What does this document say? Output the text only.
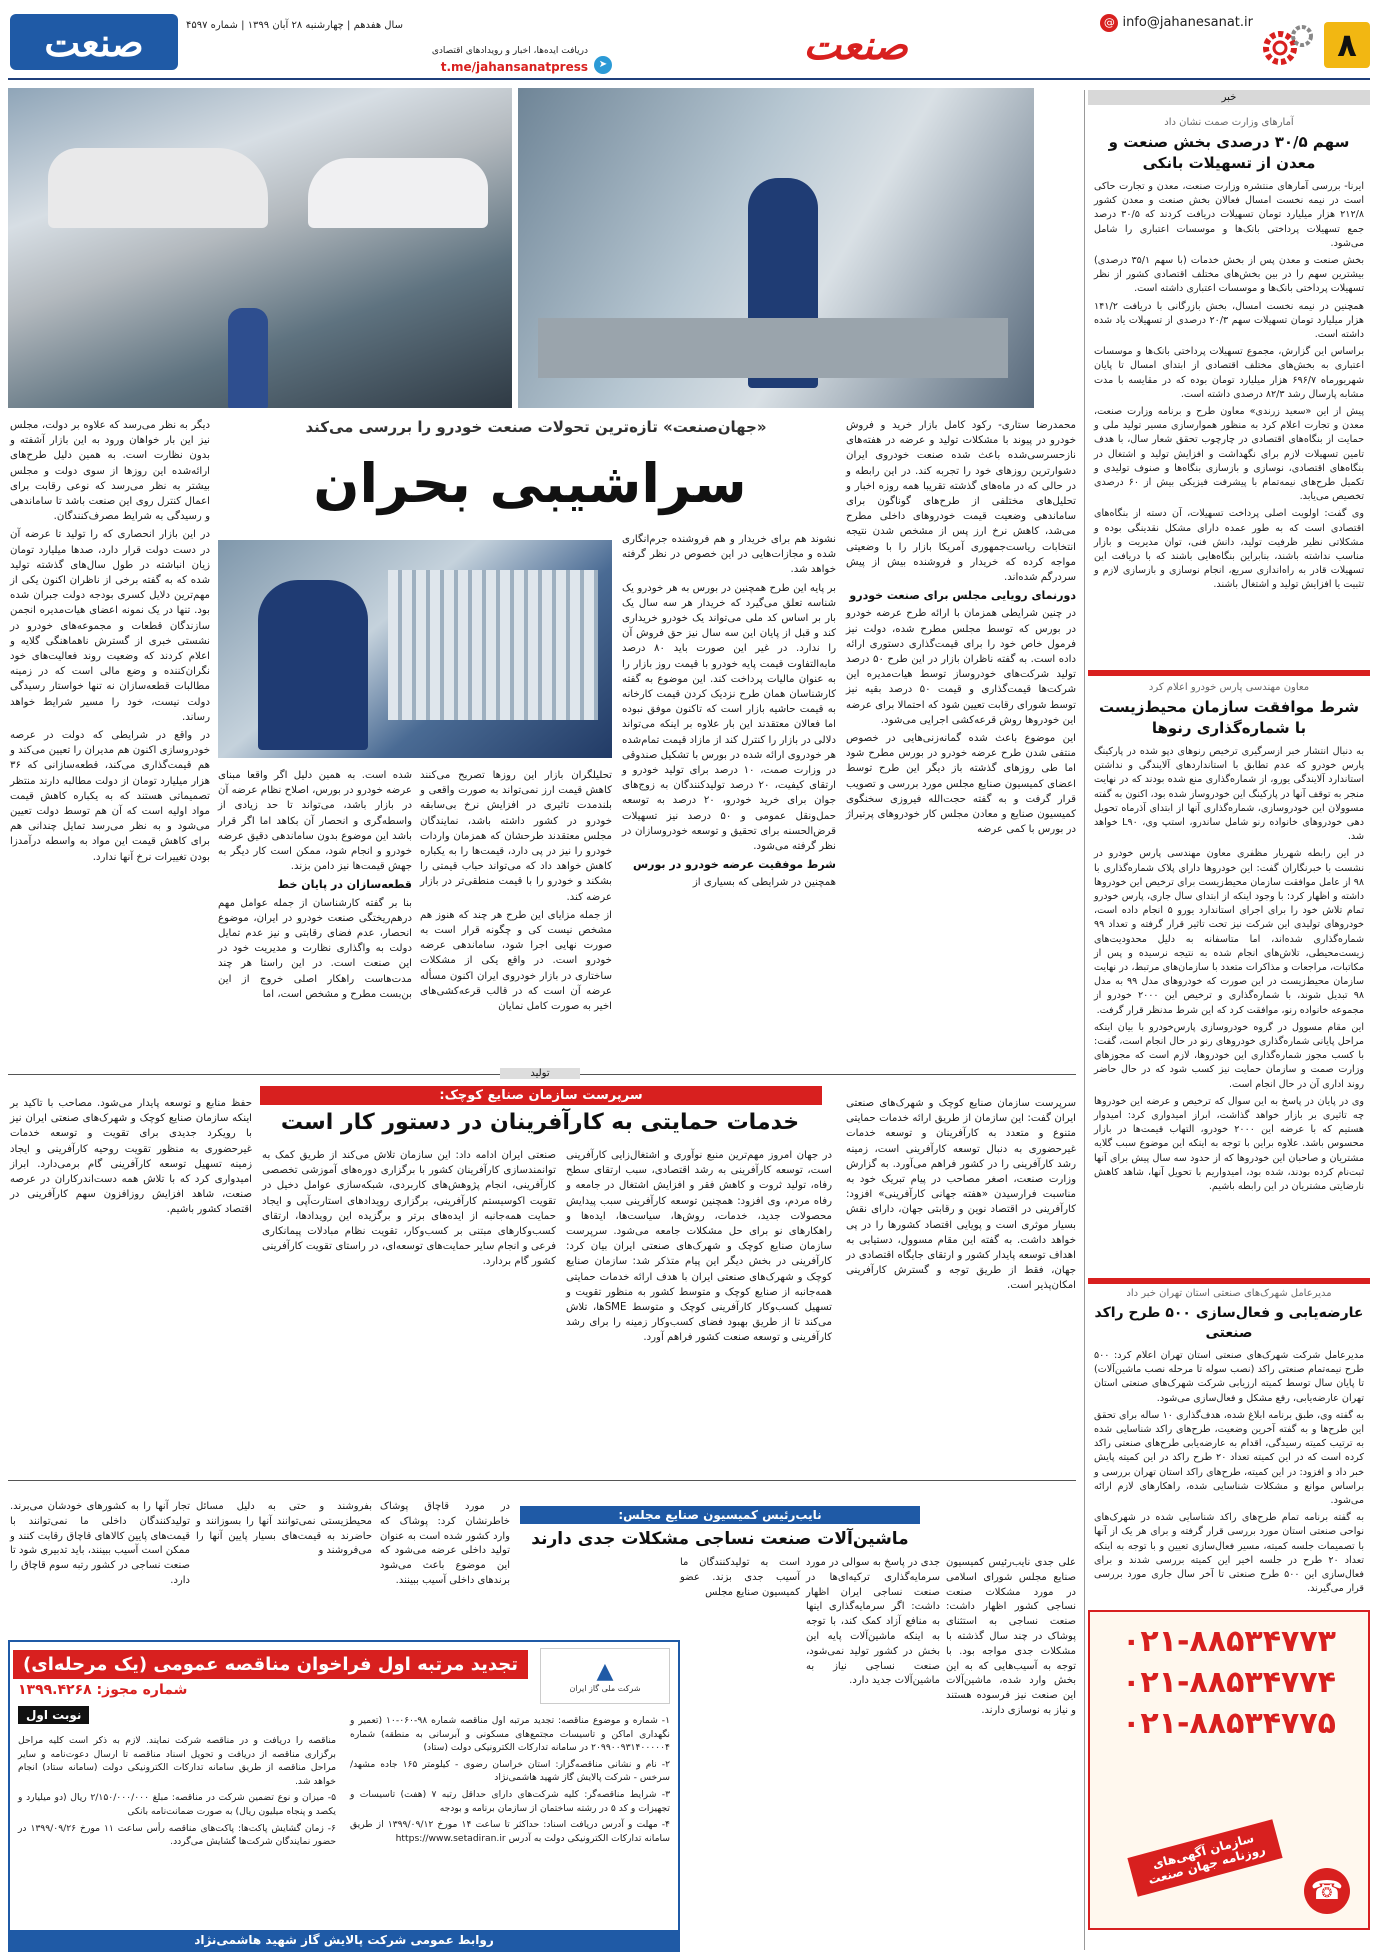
۸
@ info@jahanesanat.ir
صنعت
دریافت ایده‌ها، اخبار و رویدادهای اقتصادی
➤
t.me/jahansanatpress
سال هفدهم | چهارشنبه ۲۸ آبان ۱۳۹۹ | شماره ۴۵۹۷
صنعت
خبر
آمارهای وزارت صمت نشان داد
سهم ۳۰/۵ درصدی بخش صنعت و معدن از تسهیلات بانکی

ایرنا- بررسی آمارهای منتشره وزارت صنعت، معدن و تجارت حاکی است در نیمه نخست امسال فعالان بخش صنعت و معدن کشور ۲۱۲/۸ هزار میلیارد تومان تسهیلات دریافت کردند که ۳۰/۵ درصد جمع تسهیلات پرداختی بانک‌ها و موسسات اعتباری را شامل می‌شود.

بخش صنعت و معدن پس از بخش خدمات (با سهم ۳۵/۱ درصدی) بیشترین سهم را در بین بخش‌های مختلف اقتصادی کشور از نظر تسهیلات پرداختی بانک‌ها و موسسات اعتباری داشته است.

همچنین در نیمه نخست امسال، بخش بازرگانی با دریافت ۱۴۱/۲ هزار میلیارد تومان تسهیلات سهم ۲۰/۳ درصدی از تسهیلات یاد شده داشته است.

براساس این گزارش، مجموع تسهیلات پرداختی بانک‌ها و موسسات اعتباری به بخش‌های مختلف اقتصادی از ابتدای امسال تا پایان شهریورماه ۶۹۶/۷ هزار میلیارد تومان بوده که در مقایسه با مدت مشابه پارسال رشد ۸۲/۳ درصدی داشته است.

پیش از این «سعید زرندی» معاون طرح و برنامه وزارت صنعت، معدن و تجارت اعلام کرد به منظور هموارسازی مسیر تولید ملی و حمایت از بنگاه‌های اقتصادی در چارچوب تحقق شعار سال، با هدف تامین تسهیلات لازم برای نگهداشت و افزایش تولید و اشتغال در بنگاه‌های اقتصادی، نوسازی و بازسازی بنگاه‌ها و صنوف تولیدی و تکمیل طرح‌های نیمه‌تمام با پیشرفت فیزیکی بیش از ۶۰ درصدی تخصیص می‌یابد.

وی گفت: اولویت اصلی پرداخت تسهیلات، آن دسته از بنگاه‌های اقتصادی است که به طور عمده دارای مشکل نقدینگی بوده و مشکلاتی نظیر ظرفیت تولید، دانش فنی، توان مدیریت و بازار مناسب نداشته باشند، بنابراین بنگاه‌هایی باشند که با دریافت این تسهیلات قادر به راه‌اندازی سریع، انجام نوسازی و بازسازی لازم و تثبیت یا افزایش تولید و اشتغال باشند.

معاون مهندسی پارس خودرو اعلام کرد
شرط موافقت سازمان محیط‌زیست با شماره‌گذاری رنوها

به دنبال انتشار خبر ازسرگیری ترخیص رنوهای دپو شده در پارکینگ پارس خودرو که عدم تطابق با استانداردهای آلایندگی و نداشتن استاندارد آلایندگی یورو، از شماره‌گذاری منع شده بودند که در نهایت منجر به توقف آنها در پارکینگ این خودروساز شده بود، اکنون به گفته مسوولان این خودروسازی، شماره‌گذاری آنها از ابتدای آذرماه تحویل دهی خودروهای خانواده رنو شامل ساندرو، استپ وی، L۹۰ خواهد شد.

در این رابطه شهریار مظفری معاون مهندسی پارس خودرو در نشست با خبرنگاران گفت: این خودروها دارای پلاک شماره‌گذاری با ۹۸ از عامل موافقت سازمان محیط‌زیست برای ترخیص این خودروها داشته و اظهار کرد: با وجود اینکه از ابتدای سال جاری، پارس خودرو تمام تلاش خود را برای اجرای استاندارد یورو ۵ انجام داده است، خودروهای تولیدی این شرکت نیز تحت تاثیر قرار گرفته و تعداد ۹۹ شماره‌گذاری شده‌اند، اما متاسفانه به دلیل محدودیت‌های زیست‌محیطی، تلاش‌های انجام شده به نتیجه نرسیده و پس از مکاتبات، مراجعات و مذاکرات متعدد با سازمان‌های مرتبط، در نهایت سازمان محیط‌زیست در این صورت که خودروهای مدل ۹۹ به مدل ۹۸ تبدیل شوند، با شماره‌گذاری و ترخیص این ۲۰۰۰ خودرو از مجموعه خانواده رنو، موافقت کرد که این شرط مدنظر قرار گرفت.

این مقام مسوول در گروه خودروسازی پارس‌خودرو با بیان اینکه مراحل پایانی شماره‌گذاری خودروهای رنو در حال انجام است، گفت: با کسب مجوز شماره‌گذاری این خودروها، لازم است که مجوزهای وزارت صمت و سازمان حمایت نیز کسب شود که در حال حاضر روند اداری آن در حال انجام است.

وی در پایان در پاسخ به این سوال که ترخیص و عرضه این خودروها چه تاثیری بر بازار خواهد گذاشت، ابراز امیدواری کرد: امیدوار هستیم که با عرضه این ۲۰۰۰ خودرو، التهاب قیمت‌ها در بازار محسوس باشد. علاوه براین با توجه به اینکه این موضوع سبب گلایه مشتریان و صاحبان این خودروها که از حدود سه سال پیش برای آنها ثبت‌نام کرده بودند، شده بود، امیدواریم با تحویل آنها، شاهد کاهش نارضایتی مشتریان در این رابطه باشیم.

مدیرعامل شهرک‌های صنعتی استان تهران خبر داد
عارضه‌یابی و فعال‌سازی ۵۰۰ طرح راکد صنعتی

مدیرعامل شرکت شهرک‌های صنعتی استان تهران اعلام کرد: ۵۰۰ طرح نیمه‌تمام صنعتی راکد (نصب سوله تا مرحله نصب ماشین‌آلات) تا پایان سال توسط کمیته ارزیابی شرکت شهرک‌های صنعتی استان تهران عارضه‌یابی، رفع مشکل و فعال‌سازی می‌شود.

به گفته وی، طبق برنامه ابلاغ شده، هدف‌گذاری ۱۰ ساله برای تحقق این طرح‌ها و به گفته آخرین وضعیت، طرح‌های راکد شناسایی شده به ترتیب کمیته رسیدگی، اقدام به عارضه‌یابی طرح‌های صنعتی راکد کرده است که در این کمیته تعداد ۲۰ طرح راکد در این کمیته پایش خبر داد و افزود: در این کمیته، طرح‌های راکد استان تهران بررسی و براساس موانع و مشکلات شناسایی شده، راهکارهای لازم ارائه می‌شود.

به گفته برنامه تمام طرح‌های راکد شناسایی شده در شهرک‌های نواحی صنعتی استان مورد بررسی قرار گرفته و برای هر یک از آنها با تصمیمات جلسه کمیته، مسیر فعال‌سازی تعیین و با توجه به اینکه تعداد ۲۰ طرح در جلسه اخیر این کمیته بررسی شدند و برای فعال‌سازی این ۵۰۰ طرح صنعتی تا آخر سال جاری مورد بررسی قرار می‌گیرند.

۰۲۱-۸۸۵۳۴۷۷۳
۰۲۱-۸۸۵۳۴۷۷۴
۰۲۱-۸۸۵۳۴۷۷۵
سازمان آگهی‌های روزنامه جهان صنعت
☎
«جهان‌صنعت» تازه‌ترین تحولات صنعت خودرو را بررسی می‌کند
سراشیبی بحران

محمدرضا ستاری- رکود کامل بازار خرید و فروش خودرو در پیوند با مشکلات تولید و عرضه در هفته‌های نازحسرسی‌شده باعث شده صنعت خودروی ایران دشوارترین روزهای خود را تجربه کند. در این رابطه و در حالی که در ماه‌های گذشته تقریبا همه روزه اخبار و تحلیل‌های مختلفی از طرح‌های گوناگون برای ساماندهی وضعیت قیمت خودروهای داخلی مطرح می‌شد، کاهش نرخ ارز پس از مشخص شدن نتیجه انتخابات ریاست‌جمهوری آمریکا بازار را با وضعیتی مواجه کرده که خریدار و فروشنده بیش از پیش سردرگم شده‌اند.

دورنمای رویایی مجلس برای صنعت خودرو

در چنین شرایطی همزمان با ارائه طرح عرضه خودرو در بورس که توسط مجلس مطرح شده، دولت نیز فرمول خاص خود را برای قیمت‌گذاری دستوری ارائه داده است. به گفته ناظران بازار در این طرح ۵۰ درصد تولید شرکت‌های خودروساز توسط هیات‌مدیره این شرکت‌ها قیمت‌گذاری و قیمت ۵۰ درصد بقیه نیز توسط شورای رقابت تعیین شود که احتمالا برای عرضه این خودروها روش قرعه‌کشی اجرایی می‌شود.

این موضوع باعث شده گمانه‌زنی‌هایی در خصوص منتفی شدن طرح عرضه خودرو در بورس مطرح شود اما طی روزهای گذشته باز دیگر این طرح توسط اعضای کمیسیون صنایع مجلس مورد بررسی و تصویب قرار گرفت و به گفته حجت‌الله فیروزی سخنگوی کمیسیون صنایع و معادن مجلس کار خودروهای پرتیراژ در بورس با کمی عرضه

نشوند هم برای خریدار و هم فروشنده جرم‌انگاری شده و مجازات‌هایی در این خصوص در نظر گرفته خواهد شد.

بر پایه این طرح همچنین در بورس به هر خودرو یک شناسه تعلق می‌گیرد که خریدار هر سه سال یک بار بر اساس کد ملی می‌تواند یک خودرو خریداری کند و قبل از پایان این سه سال نیز حق فروش آن را ندارد. در غیر این صورت باید ۸۰ درصد مابه‌التفاوت قیمت پایه خودرو با قیمت روز بازار را به عنوان مالیات پرداخت کند. این موضوع به گفته کارشناسان همان طرح نزدیک کردن قیمت کارخانه به قیمت حاشیه بازار است که تاکنون موفق نبوده اما فعالان معتقدند این بار علاوه بر اینکه می‌تواند دلالی در بازار را کنترل کند از مازاد قیمت تمام‌شده هر خودروی ارائه شده در بورس با تشکیل صندوقی در وزارت صمت، ۱۰ درصد برای تولید خودرو و ارتقای کیفیت، ۲۰ درصد تولیدکنندگان به زوج‌های جوان برای خرید خودرو، ۲۰ درصد به توسعه حمل‌ونقل عمومی و ۵۰ درصد نیز تسهیلات قرض‌الحسنه برای تحقیق و توسعه خودروسازان در نظر گرفته می‌شود.

شرط موفقیت عرضه خودرو در بورس

همچنین در شرایطی که بسیاری از

تحلیلگران بازار این روزها تصریح می‌کنند کاهش قیمت ارز نمی‌تواند به صورت واقعی و بلندمدت تاثیری در افزایش نرخ بی‌سابقه خودرو در کشور داشته باشد، نمایندگان مجلس معتقدند طرحشان که همزمان واردات خودرو را نیز در پی دارد، قیمت‌ها را به یکباره کاهش خواهد داد که می‌تواند حباب قیمتی را بشکند و خودرو را با قیمت منطقی‌تر در بازار عرضه کند.

از جمله مزایای این طرح هر چند که هنوز هم مشخص نیست کی و چگونه قرار است به صورت نهایی اجرا شود، ساماندهی عرضه خودرو است. در واقع یکی از مشکلات ساختاری در بازار خودروی ایران اکنون مسأله عرضه آن است که در قالب قرعه‌کشی‌های اخیر به صورت کامل نمایان

شده است. به همین دلیل اگر واقعا مبنای عرضه خودرو در بورس، اصلاح نظام عرضه آن در بازار باشد، می‌تواند تا حد زیادی از واسطه‌گری و انحصار آن بکاهد اما اگر قرار باشد این موضوع بدون ساماندهی دقیق عرضه خودرو و انجام شود، ممکن است کار دیگر به جهش قیمت‌ها نیز دامن بزند.

قطعه‌سازان در پایان خط

بنا بر گفته کارشناسان از جمله عوامل مهم درهم‌ریختگی صنعت خودرو در ایران، موضوع انحصار، عدم فضای رقابتی و نیز عدم تمایل دولت به واگذاری نظارت و مدیریت خود در این صنعت است. در این راستا هر چند مدت‌هاست راهکار اصلی خروج از این بن‌بست مطرح و مشخص است، اما

دیگر به نظر می‌رسد که علاوه بر دولت، مجلس نیز این بار خواهان ورود به این بازار آشفته و بدون نظارت است. به همین دلیل طرح‌های ارائه‌شده این روزها از سوی دولت و مجلس بیشتر به نظر می‌رسد که نوعی رقابت برای اعمال کنترل روی این صنعت باشد تا ساماندهی و رسیدگی به شرایط مصرف‌کنندگان.

در این بازار انحصاری که را تولید تا عرضه آن در دست دولت قرار دارد، صدها میلیارد تومان زیان انباشته در طول سال‌های گذشته تولید شده که به گفته برخی از ناظران اکنون یکی از مهم‌ترین دلایل کسری بودجه دولت جبران شده بود. تنها در یک نمونه اعضای هیات‌مدیره انجمن سازندگان قطعات و مجموعه‌های خودرو در نشستی خبری از گسترش ناهماهنگی گلایه و اعلام کردند که وضعیت روند فعالیت‌های خود نگران‌کننده و وضع مالی است که در زمینه مطالبات قطعه‌سازان نه تنها خواستار رسیدگی دولت نیست، خود را مسیر شرایط خواهد رساند.

در واقع در شرایطی که دولت در عرصه خودروسازی اکنون هم مدیران را تعیین می‌کند و هم قیمت‌گذاری می‌کند، قطعه‌سازانی که ۳۶ هزار میلیارد تومان از دولت مطالبه دارند منتظر تصمیماتی هستند که به یکباره کاهش قیمت مواد اولیه است که آن هم توسط دولت تعیین می‌شود و به نظر می‌رسد تمایل چندانی هم برای کاهش قیمت این مواد به واسطه درآمدزا بودن تغییرات نرخ آنها ندارد.

تولید
سرپرست سازمان صنایع کوچک:
خدمات حمایتی به کارآفرینان در دستور کار است
سرپرست سازمان صنایع کوچک و شهرک‌های صنعتی ایران گفت: این سازمان از طریق ارائه خدمات حمایتی متنوع و متعدد به کارآفرینان و توسعه خدمات غیرحضوری به دنبال توسعه کارآفرینی است، زمینه رشد کارآفرینی را در کشور فراهم می‌آورد. به گزارش وزارت صنعت، اصغر مصاحب در پیام تبریک خود به مناسبت فرارسیدن «هفته جهانی کارآفرینی» افزود: کارآفرینی در اقتصاد نوین و رقابتی جهان، دارای نقش بسیار موثری است و پویایی اقتصاد کشورها را در پی خواهد داشت. به گفته این مقام مسوول، دستیابی به اهداف توسعه پایدار کشور و ارتقای جایگاه اقتصادی در جهان، فقط از طریق توجه و گسترش کارآفرینی امکان‌پذیر است.
در جهان امروز مهم‌ترین منبع نوآوری و اشتغال‌زایی کارآفرینی است، توسعه کارآفرینی به رشد اقتصادی، سبب ارتقای سطح رفاه، تولید ثروت و کاهش فقر و افزایش اشتغال در جامعه و رفاه مردم، وی افزود: همچنین توسعه کارآفرینی سبب پیدایش محصولات جدید، خدمات، روش‌ها، سیاست‌ها، ایده‌ها و راهکارهای نو برای حل مشکلات جامعه می‌شود. سرپرست سازمان صنایع کوچک و شهرک‌های صنعتی ایران بیان کرد: کارآفرینی در بخش دیگر این پیام متذکر شد: سازمان صنایع کوچک و شهرک‌های صنعتی ایران با هدف ارائه خدمات حمایتی همه‌جانبه از صنایع کوچک و متوسط کشور به منظور تقویت و تسهیل کسب‌وکار کارآفرینی کوچک و متوسط SMEها، تلاش می‌کند تا از طریق بهبود فضای کسب‌وکار زمینه را برای رشد کارآفرینی و توسعه صنعت کشور فراهم آورد.
صنعتی ایران ادامه داد: این سازمان تلاش می‌کند از طریق کمک به توانمندسازی کارآفرینان کشور با برگزاری دوره‌های آموزشی تخصصی کارآفرینی، انجام پژوهش‌های کاربردی، شبکه‌سازی عوامل دخیل در تقویت اکوسیستم کارآفرینی، برگزاری رویدادهای استارت‌آپی و ایجاد حمایت همه‌جانبه از ایده‌های برتر و برگزیده این رویدادها، ارتقای کسب‌وکارهای مبتنی بر کسب‌وکار، تقویت نظام مبادلات پیمانکاری فرعی و انجام سایر حمایت‌های توسعه‌ای، در راستای تقویت کارآفرینی کشور گام بردارد.
حفظ منابع و توسعه پایدار می‌شود. مصاحب با تاکید بر اینکه سازمان صنایع کوچک و شهرک‌های صنعتی ایران نیز با رویکرد جدیدی برای تقویت و توسعه خدمات غیرحضوری به منظور تقویت روحیه کارآفرینی و ایجاد زمینه تسهیل توسعه کارآفرینی گام برمی‌دارد. ابراز امیدواری کرد که با تلاش همه دست‌اندرکاران در عرصه صنعت، شاهد افزایش روزافزون سهم کارآفرینی در اقتصاد کشور باشیم.
نایب‌رئیس کمیسیون صنایع مجلس:
ماشین‌آلات صنعت نساجی مشکلات جدی دارند
علی جدی نایب‌رئیس کمیسیون صنایع مجلس شورای اسلامی در مورد مشکلات صنعت نساجی کشور اظهار داشت: صنعت نساجی به استثنای پوشاک در چند سال گذشته با مشکلات جدی مواجه بود. با توجه به آسیب‌هایی که به این بخش وارد شده، ماشین‌آلات این صنعت نیز فرسوده هستند و نیاز به نوسازی دارند.
جدی در پاسخ به سوالی در مورد سرمایه‌گذاری ترکیه‌ای‌ها در صنعت نساجی ایران اظهار داشت: اگر سرمایه‌گذاری اینها به منافع آزاد کمک کند، با توجه به اینکه ماشین‌آلات پایه این بخش در کشور تولید نمی‌شود، صنعت نساجی نیاز به ماشین‌آلات جدید دارد.
است به تولیدکنندگان ما آسیب جدی بزند. عضو کمیسیون صنایع مجلس
در مورد قاچاق پوشاک خاطرنشان کرد: پوشاک که وارد کشور شده است به عنوان تولید داخلی عرضه می‌شود که این موضوع باعث می‌شود برندهای داخلی آسیب ببینند.
بفروشند و حتی به دلیل مسائل محیطزیستی نمی‌توانند آنها را بسوزانند و حاضرند به قیمت‌های بسیار پایین آنها را می‌فروشند و
تجار آنها را به کشورهای خودشان می‌برند. تولیدکنندگان داخلی ما نمی‌توانند با قیمت‌های پایین کالاهای قاچاق رقابت کنند و ممکن است آسیب ببینند، باید تدبیری شود تا صنعت نساجی در کشور رتبه سوم قاچاق را دارد.
تجدید مرتبه اول فراخوان مناقصه عمومی (یک مرحله‌ای)	▲
شرکت ملی گاز ایران
شماره مجوز: ۱۳۹۹.۴۲۶۸
نوبت اول	۱- شماره و موضوع مناقصه: تجدید مرتبه اول مناقصه شماره ۹۸-۰۶۰-۱۰ (تعمیر و نگهداری اماکن و تاسیسات مجتمع‌های مسکونی و آبرسانی به منطقه) شماره ۲۰۹۹۰۰۹۳۱۴۰۰۰۰۰۴ در سامانه تدارکات الکترونیکی دولت (ستاد)

۲- نام و نشانی مناقصه‌گزار: استان خراسان رضوی - کیلومتر ۱۶۵ جاده مشهد/ سرخس - شرکت پالایش گاز شهید هاشمی‌نژاد

۳- شرایط مناقصه‌گر: کلیه شرکت‌های دارای حداقل رتبه ۷ (هفت) تاسیسات و تجهیزات و کد ۵ در رشته ساختمان از سازمان برنامه و بودجه

۴- مهلت و آدرس دریافت اسناد: حداکثر تا ساعت ۱۴ مورخ ۱۳۹۹/۰۹/۱۲ از طریق سامانه تدارکات الکترونیکی دولت به آدرس https://www.setadiran.ir

مناقصه را دریافت و در مناقصه شرکت نمایند. لازم به ذکر است کلیه مراحل برگزاری مناقصه از دریافت و تحویل اسناد مناقصه تا ارسال دعوت‌نامه و سایر مراحل مناقصه از طریق سامانه تدارکات الکترونیکی دولت (سامانه ستاد) انجام خواهد شد.

۵- میزان و نوع تضمین شرکت در مناقصه: مبلغ ۲/۱۵۰/۰۰۰/۰۰۰ ریال (دو میلیارد و یکصد و پنجاه میلیون ریال) به صورت ضمانت‌نامه بانکی

۶- زمان گشایش پاکت‌ها: پاکت‌های مناقصه رأس ساعت ۱۱ مورخ ۱۳۹۹/۰۹/۲۶ در حضور نمایندگان شرکت‌ها گشایش می‌گردد.

روابط عمومی شرکت پالایش گاز شهید هاشمی‌نژاد
